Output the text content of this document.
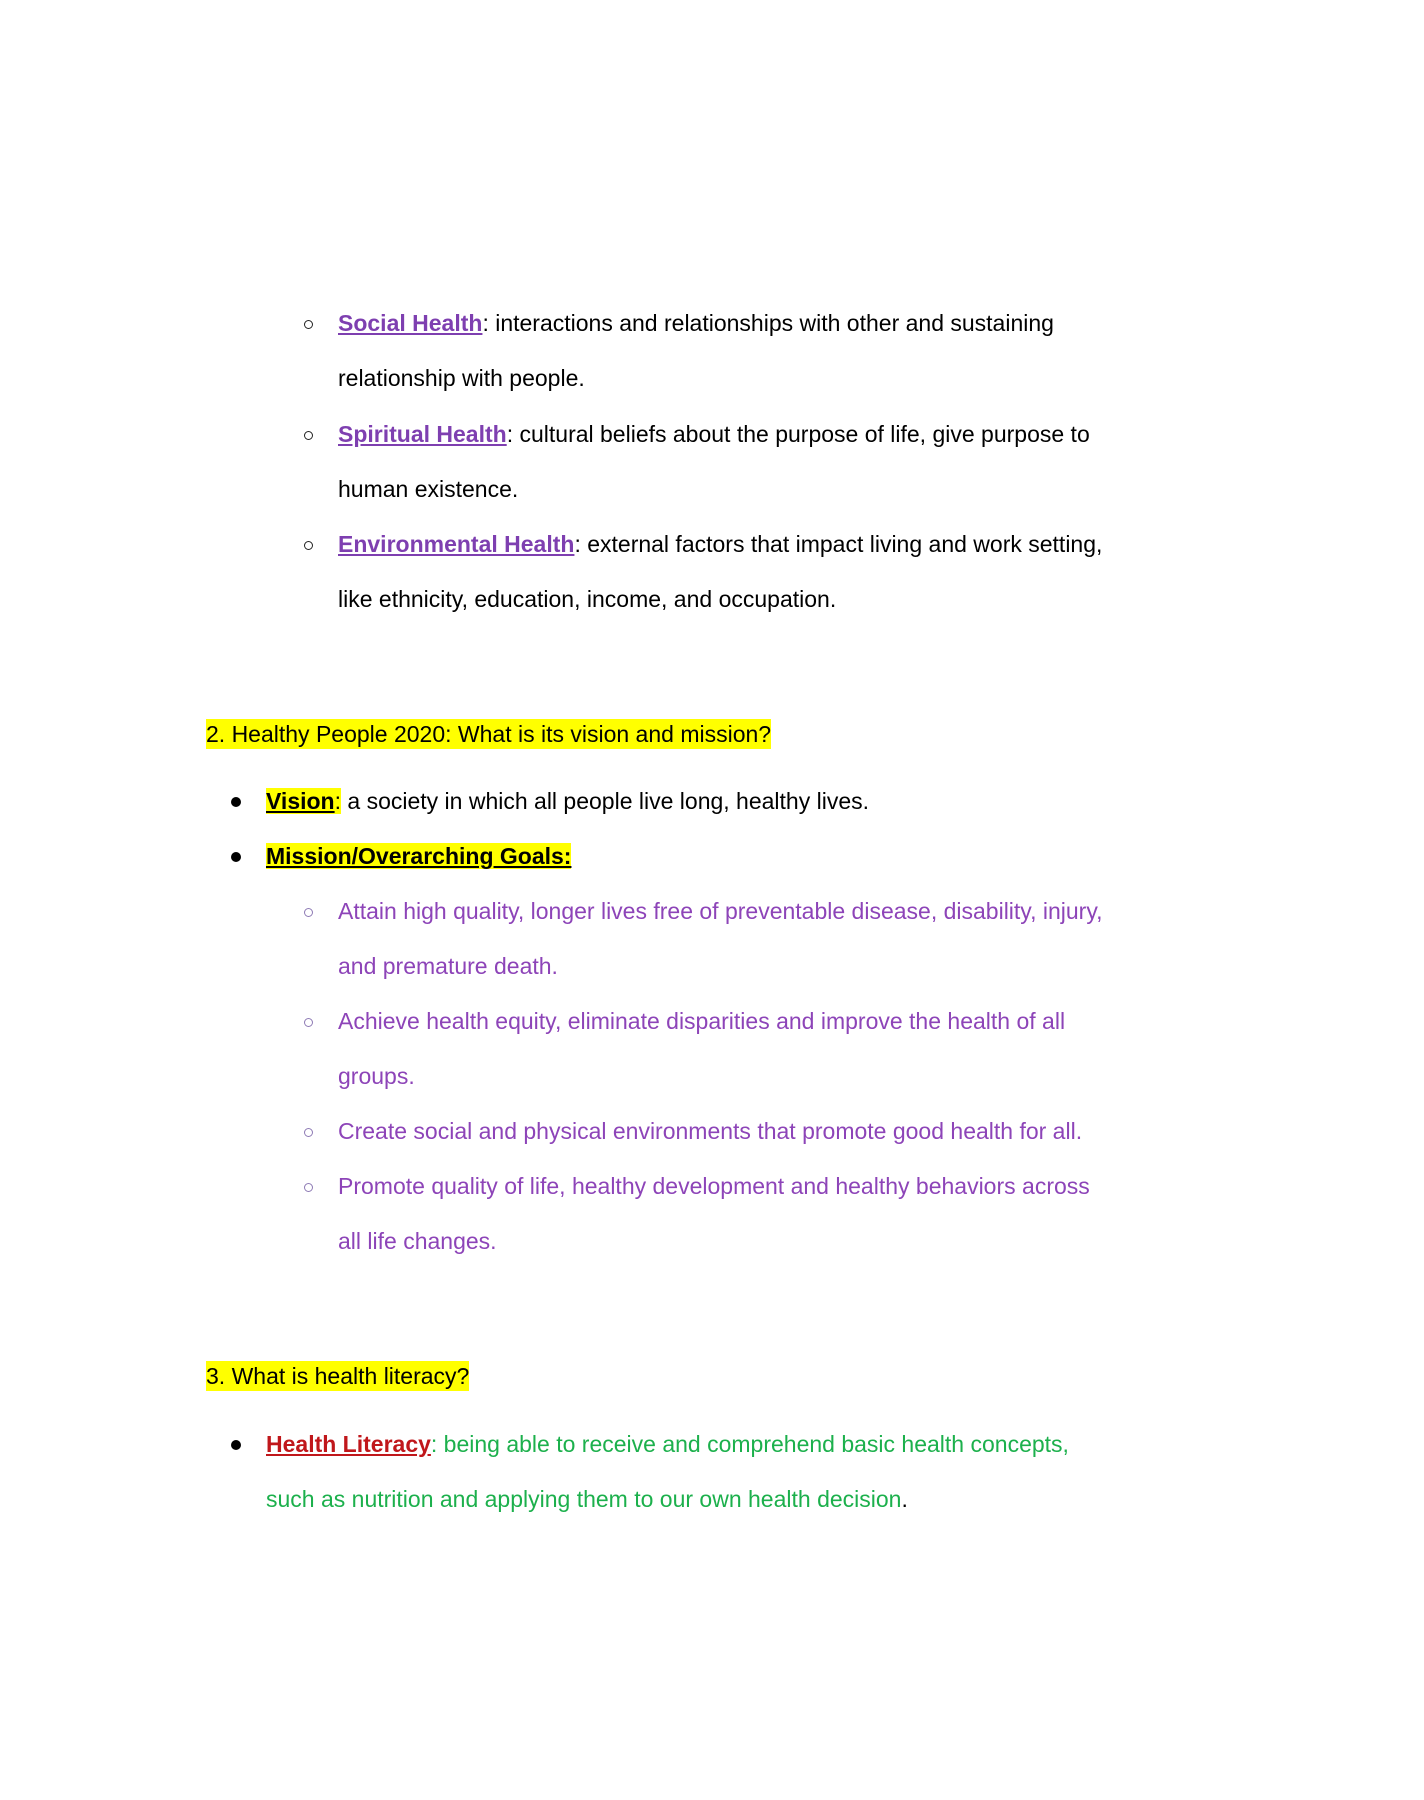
Social Health: interactions and relationships with other and sustaining
relationship with people.
Spiritual Health: cultural beliefs about the purpose of life, give purpose to
human existence.
Environmental Health: external factors that impact living and work setting,
like ethnicity, education, income, and occupation.
2. Healthy People 2020: What is its vision and mission?
Vision: a society in which all people live long, healthy lives.
Mission/Overarching Goals:
Attain high quality, longer lives free of preventable disease, disability, injury,
and premature death.
Achieve health equity, eliminate disparities and improve the health of all
groups.
Create social and physical environments that promote good health for all.
Promote quality of life, healthy development and healthy behaviors across
all life changes.
3. What is health literacy?
Health Literacy: being able to receive and comprehend basic health concepts,
such as nutrition and applying them to our own health decision.
